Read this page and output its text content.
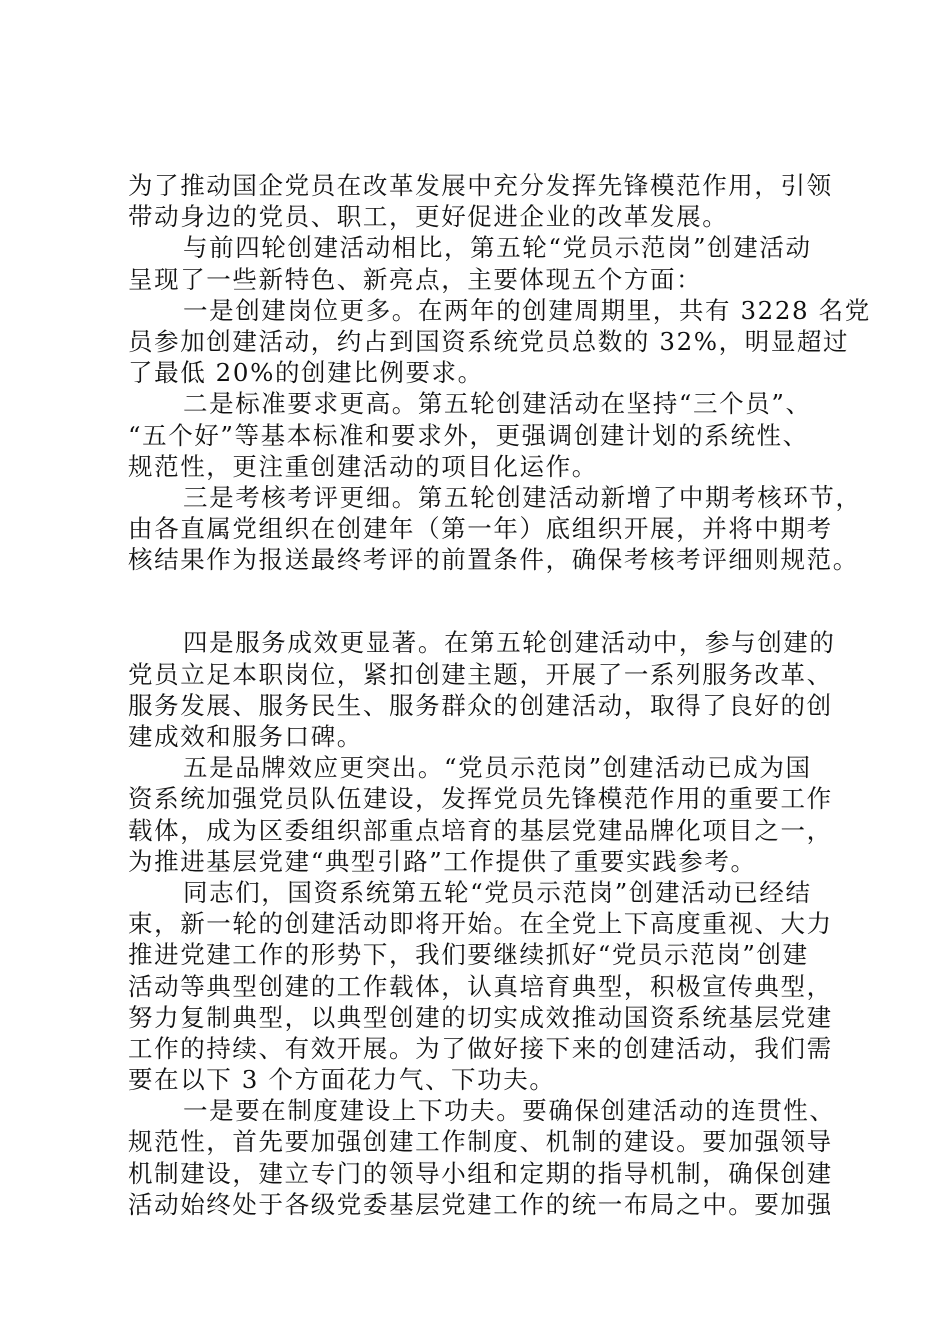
为了推动国企党员在改革发展中充分发挥先锋模范作用，引领
带动身边的党员、职工，更好促进企业的改革发展。
与前四轮创建活动相比，第五轮“党员示范岗”创建活动
呈现了一些新特色、新亮点，主要体现五个方面：
一是创建岗位更多。在两年的创建周期里，共有 3228 名党
员参加创建活动，约占到国资系统党员总数的 32%，明显超过
了最低 20%的创建比例要求。
二是标准要求更高。第五轮创建活动在坚持“三个员”、
“五个好”等基本标准和要求外，更强调创建计划的系统性、
规范性，更注重创建活动的项目化运作。
三是考核考评更细。第五轮创建活动新增了中期考核环节，
由各直属党组织在创建年（第一年）底组织开展，并将中期考
核结果作为报送最终考评的前置条件，确保考核考评细则规范。
四是服务成效更显著。在第五轮创建活动中，参与创建的
党员立足本职岗位，紧扣创建主题，开展了一系列服务改革、
服务发展、服务民生、服务群众的创建活动，取得了良好的创
建成效和服务口碑。
五是品牌效应更突出。“党员示范岗”创建活动已成为国
资系统加强党员队伍建设，发挥党员先锋模范作用的重要工作
载体，成为区委组织部重点培育的基层党建品牌化项目之一，
为推进基层党建“典型引路”工作提供了重要实践参考。
同志们，国资系统第五轮“党员示范岗”创建活动已经结
束，新一轮的创建活动即将开始。在全党上下高度重视、大力
推进党建工作的形势下，我们要继续抓好“党员示范岗”创建
活动等典型创建的工作载体，认真培育典型，积极宣传典型，
努力复制典型，以典型创建的切实成效推动国资系统基层党建
工作的持续、有效开展。为了做好接下来的创建活动，我们需
要在以下 3 个方面花力气、下功夫。
一是要在制度建设上下功夫。要确保创建活动的连贯性、
规范性，首先要加强创建工作制度、机制的建设。要加强领导
机制建设，建立专门的领导小组和定期的指导机制，确保创建
活动始终处于各级党委基层党建工作的统一布局之中。要加强
